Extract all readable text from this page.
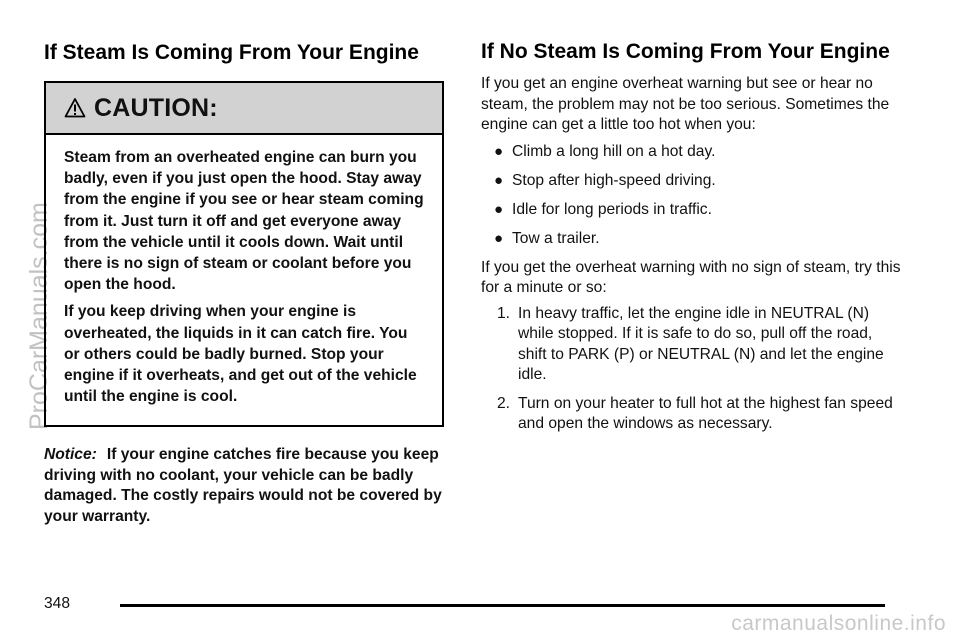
ProCarManuals.com
If Steam Is Coming From Your Engine
CAUTION:

Steam from an overheated engine can burn you badly, even if you just open the hood. Stay away from the engine if you see or hear steam coming from it. Just turn it off and get everyone away from the vehicle until it cools down. Wait until there is no sign of steam or coolant before you open the hood.

If you keep driving when your engine is overheated, the liquids in it can catch fire. You or others could be badly burned. Stop your engine if it overheats, and get out of the vehicle until the engine is cool.

Notice: If your engine catches fire because you keep driving with no coolant, your vehicle can be badly damaged. The costly repairs would not be covered by your warranty.
If No Steam Is Coming From Your Engine

If you get an engine overheat warning but see or hear no steam, the problem may not be too serious. Sometimes the engine can get a little too hot when you:

● Climb a long hill on a hot day.
● Stop after high-speed driving.
● Idle for long periods in traffic.
● Tow a trailer.

If you get the overheat warning with no sign of steam, try this for a minute or so:

1. In heavy traffic, let the engine idle in NEUTRAL (N) while stopped. If it is safe to do so, pull off the road, shift to PARK (P) or NEUTRAL (N) and let the engine idle.
2. Turn on your heater to full hot at the highest fan speed and open the windows as necessary.
348
carmanualsonline.info
